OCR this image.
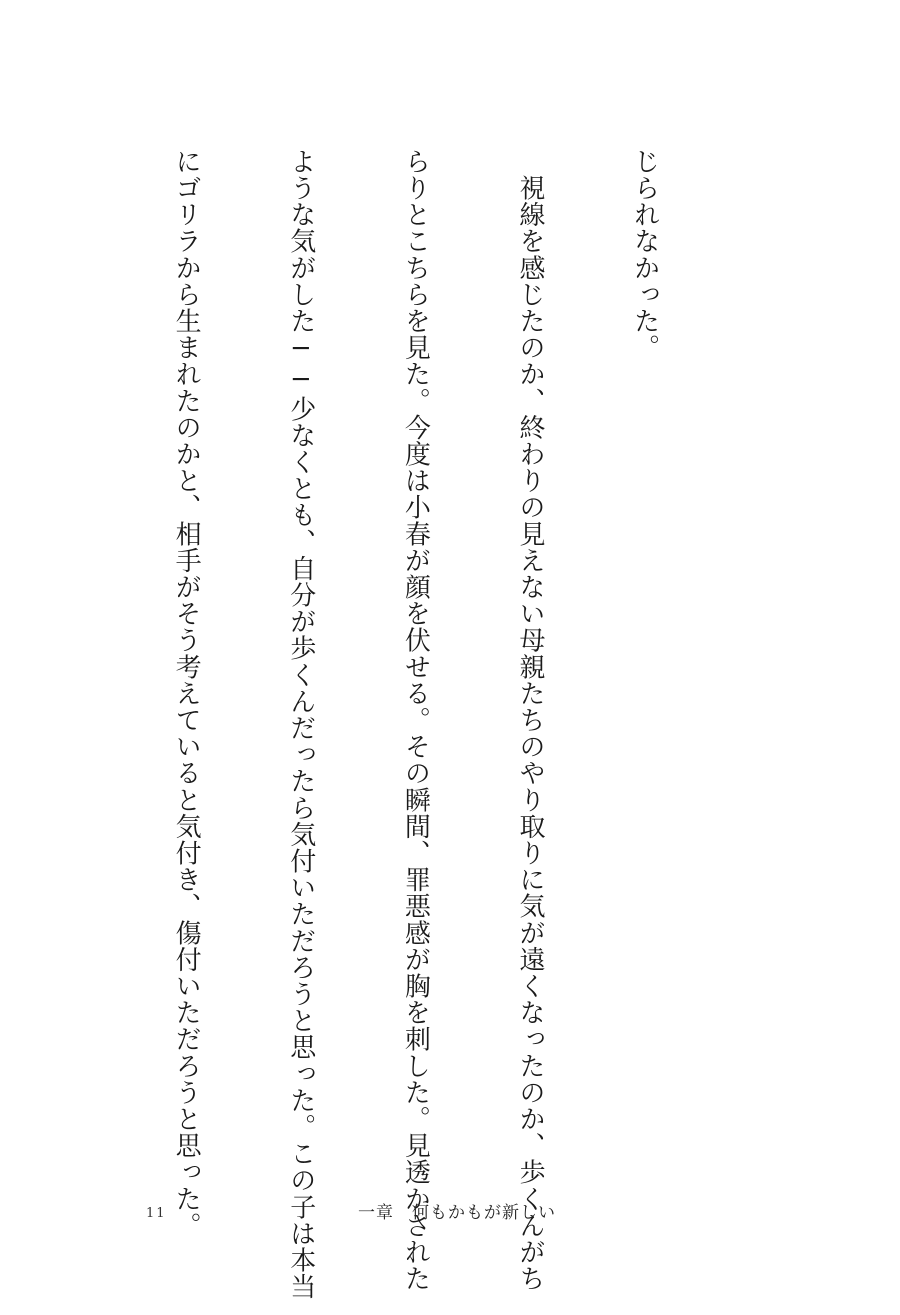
じられなかった。

　視線を感じたのか、終わりの見えない母親たちのやり取りに気が遠くなったのか、歩くんがち

らりとこちらを見た。今度は小春が顔を伏せる。その瞬間、罪悪感が胸を刺した。見透かされた

ような気がした──少なくとも、自分が歩くんだったら気付いただろうと思った。この子は本当

にゴリラから生まれたのかと、相手がそう考えていると気付き、傷付いただろうと思った。

11	一章　何もかもが新しい
